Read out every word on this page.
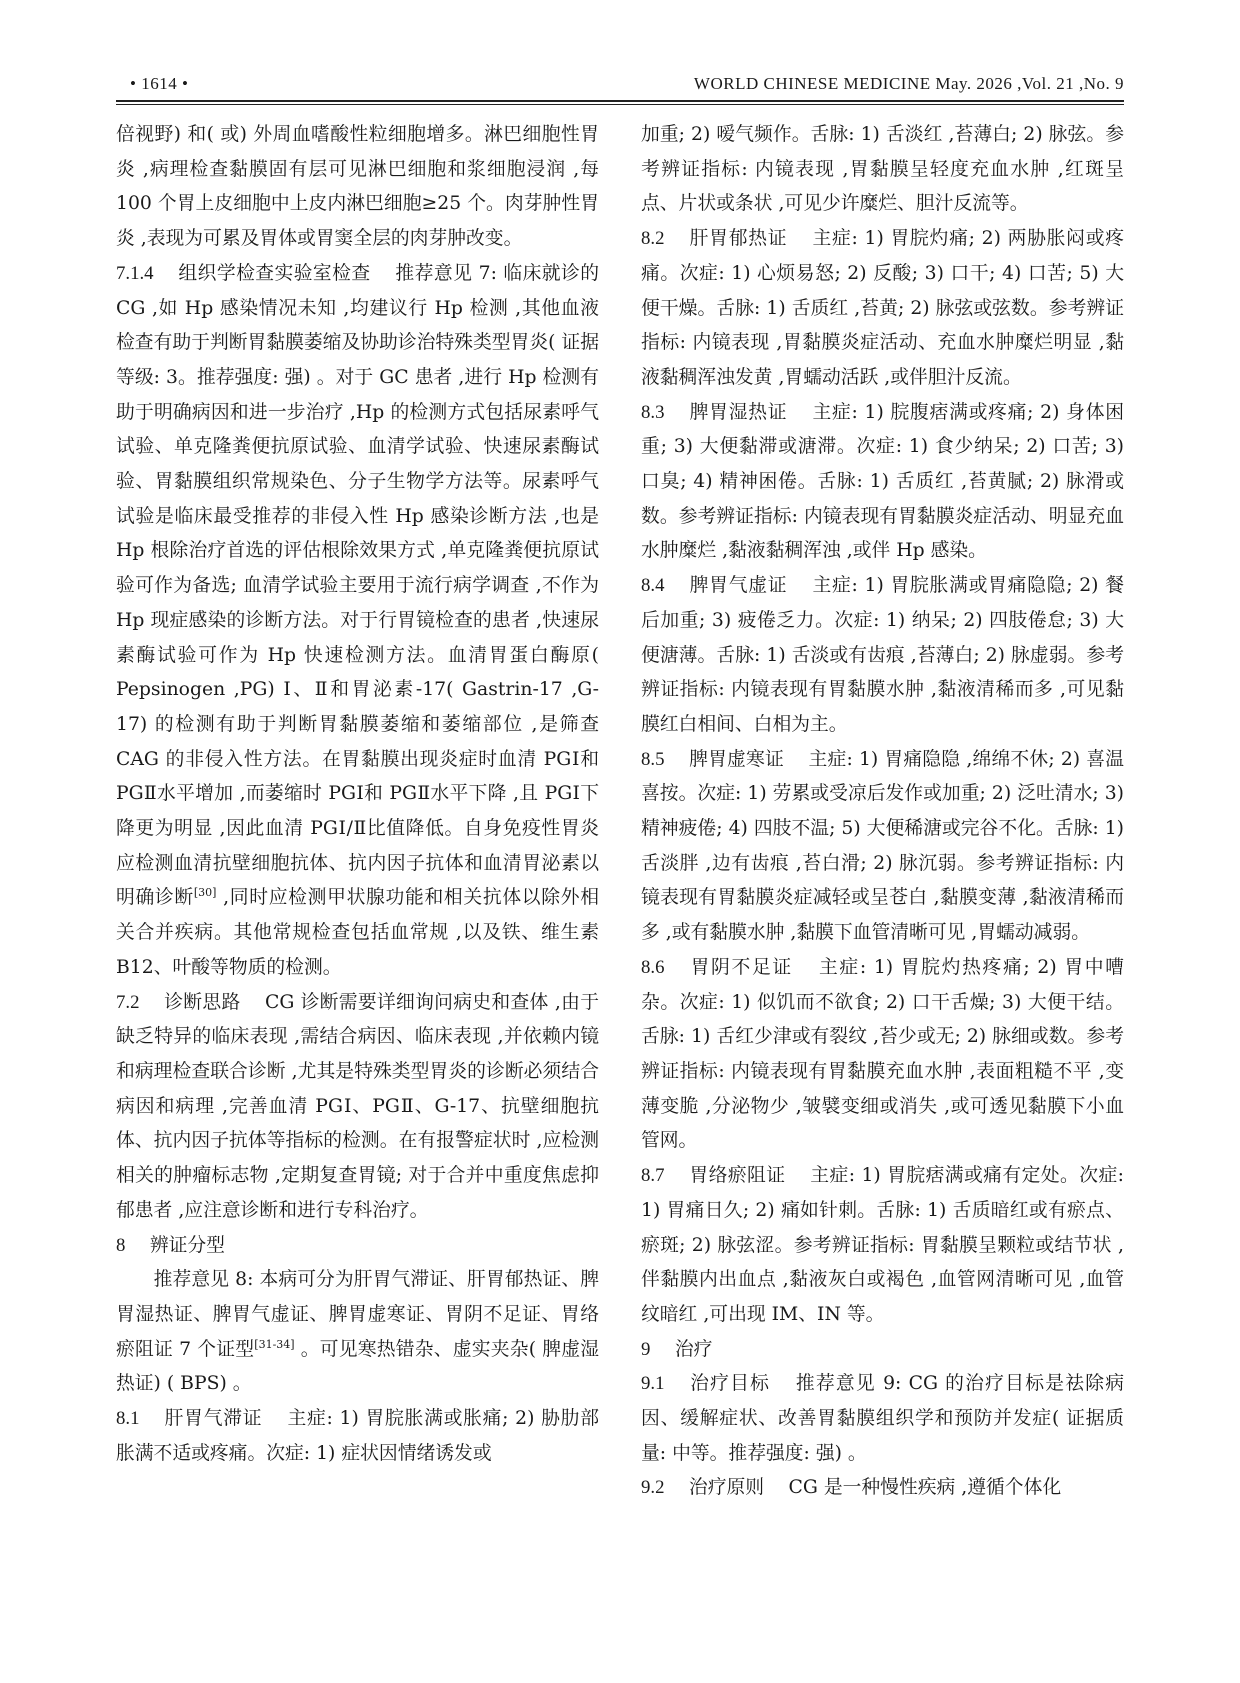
• 1614 •	WORLD CHINESE MEDICINE May. 2026 ,Vol. 21 ,No. 9

倍视野) 和( 或) 外周血嗜酸性粒细胞增多。淋巴细胞性胃炎 ,病理检查黏膜固有层可见淋巴细胞和浆细胞浸润 ,每 100 个胃上皮细胞中上皮内淋巴细胞≥25 个。肉芽肿性胃炎 ,表现为可累及胃体或胃窦全层的肉芽肿改变。

7.1.4 组织学检查实验室检查 推荐意见 7: 临床就诊的 CG ,如 Hp 感染情况未知 ,均建议行 Hp 检测 ,其他血液检查有助于判断胃黏膜萎缩及协助诊治特殊类型胃炎( 证据等级: 3。推荐强度: 强) 。对于 GC 患者 ,进行 Hp 检测有助于明确病因和进一步治疗 ,Hp 的检测方式包括尿素呼气试验、单克隆粪便抗原试验、血清学试验、快速尿素酶试验、胃黏膜组织常规染色、分子生物学方法等。尿素呼气试验是临床最受推荐的非侵入性 Hp 感染诊断方法 ,也是 Hp 根除治疗首选的评估根除效果方式 ,单克隆粪便抗原试验可作为备选; 血清学试验主要用于流行病学调查 ,不作为 Hp 现症感染的诊断方法。对于行胃镜检查的患者 ,快速尿素酶试验可作为 Hp 快速检测方法。血清胃蛋白酶原( Pepsinogen ,PG) Ⅰ、Ⅱ和胃泌素-17( Gastrin-17 ,G-17) 的检测有助于判断胃黏膜萎缩和萎缩部位 ,是筛查 CAG 的非侵入性方法。在胃黏膜出现炎症时血清 PGⅠ和 PGⅡ水平增加 ,而萎缩时 PGⅠ和 PGⅡ水平下降 ,且 PGⅠ下降更为明显 ,因此血清 PGⅠ/Ⅱ比值降低。自身免疫性胃炎应检测血清抗壁细胞抗体、抗内因子抗体和血清胃泌素以明确诊断[30] ,同时应检测甲状腺功能和相关抗体以除外相关合并疾病。其他常规检查包括血常规 ,以及铁、维生素 B12、叶酸等物质的检测。

7.2 诊断思路 CG 诊断需要详细询问病史和查体 ,由于缺乏特异的临床表现 ,需结合病因、临床表现 ,并依赖内镜和病理检查联合诊断 ,尤其是特殊类型胃炎的诊断必须结合病因和病理 ,完善血清 PGⅠ、PGⅡ、G-17、抗壁细胞抗体、抗内因子抗体等指标的检测。在有报警症状时 ,应检测相关的肿瘤标志物 ,定期复查胃镜; 对于合并中重度焦虑抑郁患者 ,应注意诊断和进行专科治疗。

8 辨证分型

推荐意见 8: 本病可分为肝胃气滞证、肝胃郁热证、脾胃湿热证、脾胃气虚证、脾胃虚寒证、胃阴不足证、胃络瘀阻证 7 个证型[31-34] 。可见寒热错杂、虚实夹杂( 脾虚湿热证) ( BPS) 。

8.1 肝胃气滞证 主症: 1) 胃脘胀满或胀痛; 2) 胁肋部胀满不适或疼痛。次症: 1) 症状因情绪诱发或

加重; 2) 嗳气频作。舌脉: 1) 舌淡红 ,苔薄白; 2) 脉弦。参考辨证指标: 内镜表现 ,胃黏膜呈轻度充血水肿 ,红斑呈点、片状或条状 ,可见少许糜烂、胆汁反流等。

8.2 肝胃郁热证 主症: 1) 胃脘灼痛; 2) 两胁胀闷或疼痛。次症: 1) 心烦易怒; 2) 反酸; 3) 口干; 4) 口苦; 5) 大便干燥。舌脉: 1) 舌质红 ,苔黄; 2) 脉弦或弦数。参考辨证指标: 内镜表现 ,胃黏膜炎症活动、充血水肿糜烂明显 ,黏液黏稠浑浊发黄 ,胃蠕动活跃 ,或伴胆汁反流。

8.3 脾胃湿热证 主症: 1) 脘腹痞满或疼痛; 2) 身体困重; 3) 大便黏滞或溏滞。次症: 1) 食少纳呆; 2) 口苦; 3) 口臭; 4) 精神困倦。舌脉: 1) 舌质红 ,苔黄腻; 2) 脉滑或数。参考辨证指标: 内镜表现有胃黏膜炎症活动、明显充血水肿糜烂 ,黏液黏稠浑浊 ,或伴 Hp 感染。

8.4 脾胃气虚证 主症: 1) 胃脘胀满或胃痛隐隐; 2) 餐后加重; 3) 疲倦乏力。次症: 1) 纳呆; 2) 四肢倦怠; 3) 大便溏薄。舌脉: 1) 舌淡或有齿痕 ,苔薄白; 2) 脉虚弱。参考辨证指标: 内镜表现有胃黏膜水肿 ,黏液清稀而多 ,可见黏膜红白相间、白相为主。

8.5 脾胃虚寒证 主症: 1) 胃痛隐隐 ,绵绵不休; 2) 喜温喜按。次症: 1) 劳累或受凉后发作或加重; 2) 泛吐清水; 3) 精神疲倦; 4) 四肢不温; 5) 大便稀溏或完谷不化。舌脉: 1) 舌淡胖 ,边有齿痕 ,苔白滑; 2) 脉沉弱。参考辨证指标: 内镜表现有胃黏膜炎症减轻或呈苍白 ,黏膜变薄 ,黏液清稀而多 ,或有黏膜水肿 ,黏膜下血管清晰可见 ,胃蠕动减弱。

8.6 胃阴不足证 主症: 1) 胃脘灼热疼痛; 2) 胃中嘈杂。次症: 1) 似饥而不欲食; 2) 口干舌燥; 3) 大便干结。舌脉: 1) 舌红少津或有裂纹 ,苔少或无; 2) 脉细或数。参考辨证指标: 内镜表现有胃黏膜充血水肿 ,表面粗糙不平 ,变薄变脆 ,分泌物少 ,皱襞变细或消失 ,或可透见黏膜下小血管网。

8.7 胃络瘀阻证 主症: 1) 胃脘痞满或痛有定处。次症: 1) 胃痛日久; 2) 痛如针刺。舌脉: 1) 舌质暗红或有瘀点、瘀斑; 2) 脉弦涩。参考辨证指标: 胃黏膜呈颗粒或结节状 ,伴黏膜内出血点 ,黏液灰白或褐色 ,血管网清晰可见 ,血管纹暗红 ,可出现 IM、IN 等。

9 治疗

9.1 治疗目标 推荐意见 9: CG 的治疗目标是祛除病因、缓解症状、改善胃黏膜组织学和预防并发症( 证据质量: 中等。推荐强度: 强) 。

9.2 治疗原则 CG 是一种慢性疾病 ,遵循个体化
